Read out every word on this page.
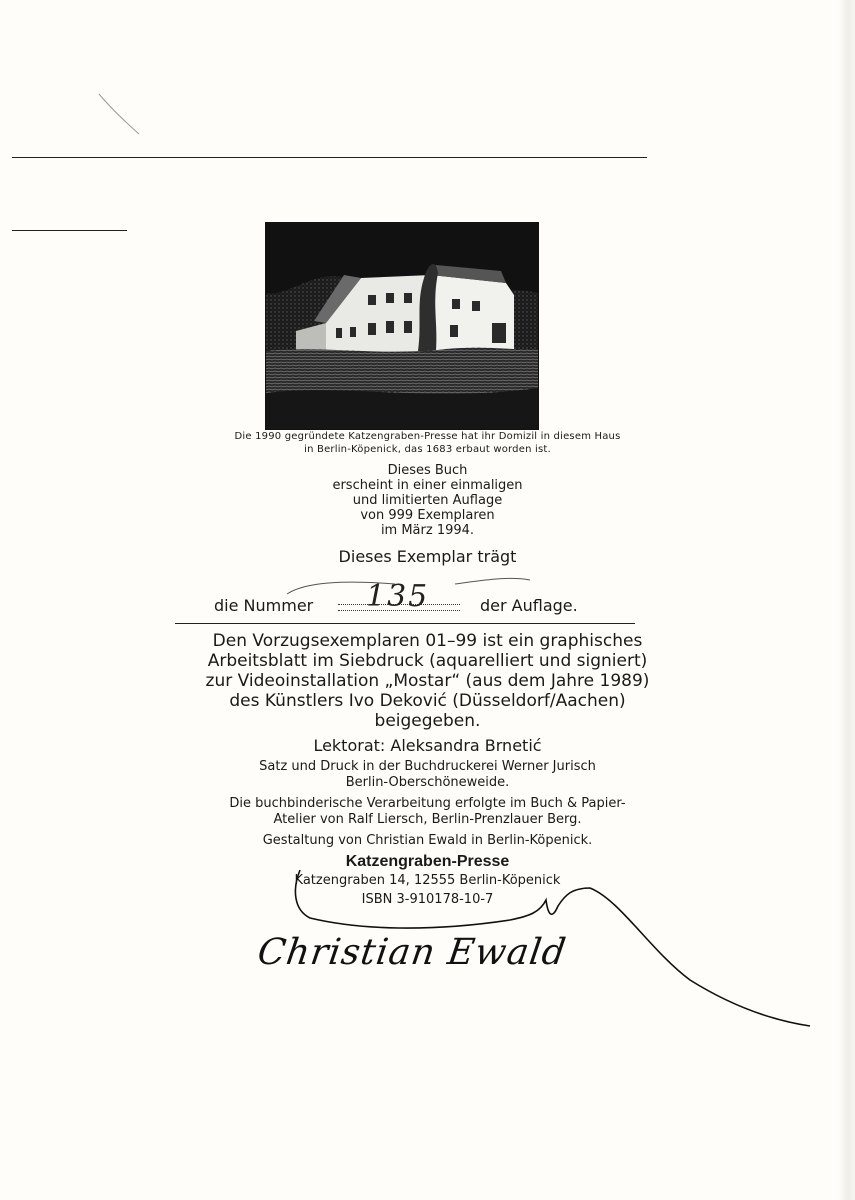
Die 1990 gegründete Katzengraben-Presse hat ihr Domizil in diesem Haus
in Berlin-Köpenick, das 1683 erbaut worden ist.
Dieses Buch
erscheint in einer einmaligen
und limitierten Auflage
von 999 Exemplaren
im März 1994.
Dieses Exemplar trägt
die Nummer 135	der Auflage.
Den Vorzugsexemplaren 01–99 ist ein graphisches
Arbeitsblatt im Siebdruck (aquarelliert und signiert)
zur Videoinstallation „Mostar“ (aus dem Jahre 1989)
des Künstlers Ivo Deković (Düsseldorf/Aachen)
beigegeben.
Lektorat: Aleksandra Brnetić
Satz und Druck in der Buchdruckerei Werner Jurisch
Berlin-Oberschöneweide.
Die buchbinderische Verarbeitung erfolgte im Buch & Papier-
Atelier von Ralf Liersch, Berlin-Prenzlauer Berg.
Gestaltung von Christian Ewald in Berlin-Köpenick.
Katzengraben-Presse
Katzengraben 14, 12555 Berlin-Köpenick
ISBN 3-910178-10-7
Christian Ewald
